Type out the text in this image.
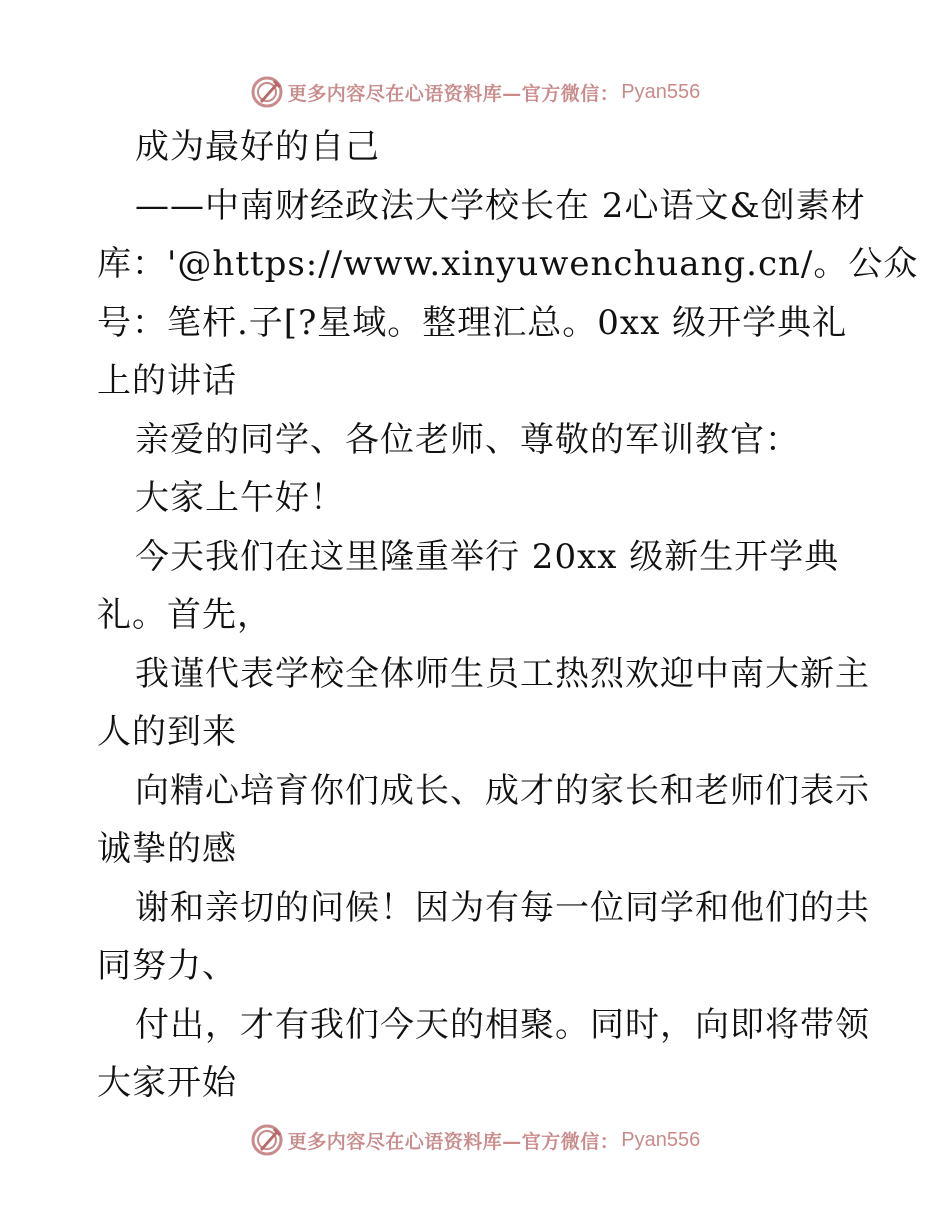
更多内容尽在心语资料库—官方微信： Pyan556
成为最好的自己
——中南财经政法大学校长在 2心语文&创素材
库：'@https://www.xinyuwenchuang.cn/。公众
号：笔杆.子[?星域。整理汇总。0xx 级开学典礼
上的讲话
亲爱的同学、各位老师、尊敬的军训教官：
大家上午好！
今天我们在这里隆重举行 20xx 级新生开学典
礼。首先，
我谨代表学校全体师生员工热烈欢迎中南大新主
人的到来
向精心培育你们成长、成才的家长和老师们表示
诚挚的感
谢和亲切的问候！因为有每一位同学和他们的共
同努力、
付出，才有我们今天的相聚。同时，向即将带领
大家开始
更多内容尽在心语资料库—官方微信： Pyan556
